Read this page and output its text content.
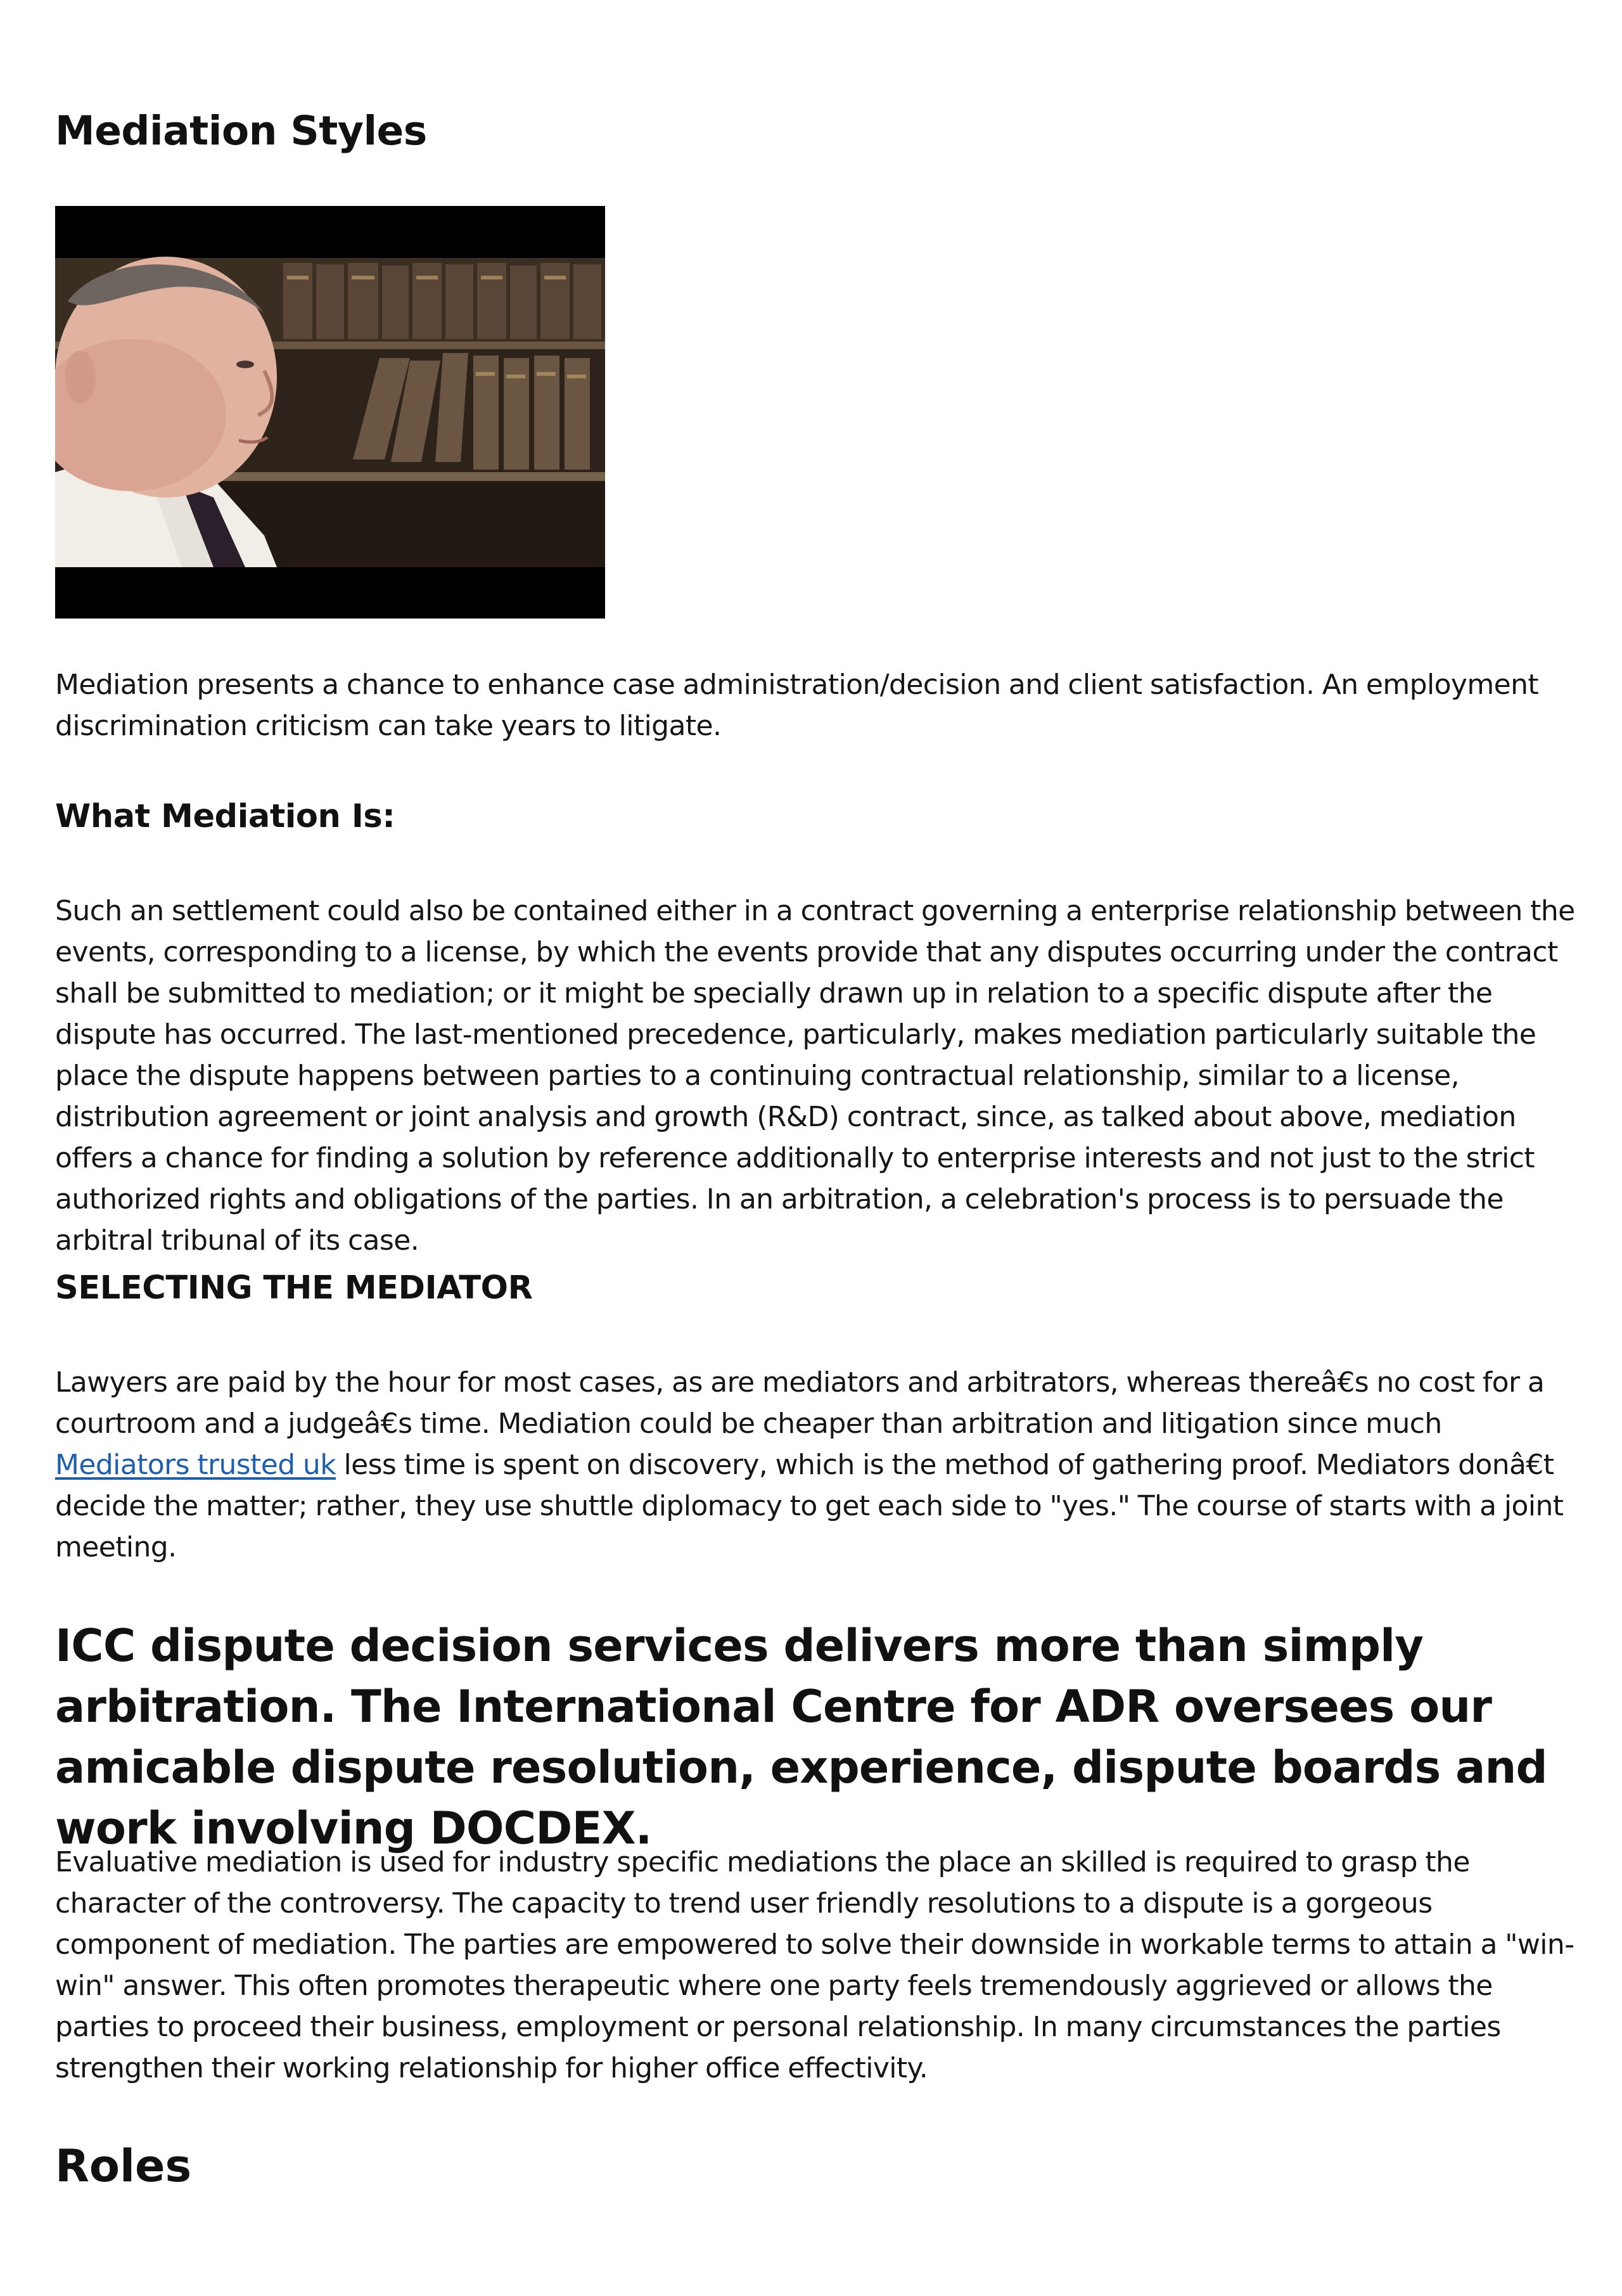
Mediation Styles

Mediation presents a chance to enhance case administration/decision and client satisfaction. An employment discrimination criticism can take years to litigate.

What Mediation Is:

Such an settlement could also be contained either in a contract governing a enterprise relationship between the events, corresponding to a license, by which the events provide that any disputes occurring under the contract shall be submitted to mediation; or it might be specially drawn up in relation to a specific dispute after the dispute has occurred. The last-mentioned precedence, particularly, makes mediation particularly suitable the place the dispute happens between parties to a continuing contractual relationship, similar to a license, distribution agreement or joint analysis and growth (R&D) contract, since, as talked about above, mediation offers a chance for finding a solution by reference additionally to enterprise interests and not just to the strict authorized rights and obligations of the parties. In an arbitration, a celebration's process is to persuade the arbitral tribunal of its case.

SELECTING THE MEDIATOR

Lawyers are paid by the hour for most cases, as are mediators and arbitrators, whereas thereâ€s no cost for a courtroom and a judgeâ€s time. Mediation could be cheaper than arbitration and litigation since much Mediators trusted uk less time is spent on discovery, which is the method of gathering proof. Mediators donâ€t decide the matter; rather, they use shuttle diplomacy to get each side to "yes." The course of starts with a joint meeting.

ICC dispute decision services delivers more than simply arbitration. The International Centre for ADR oversees our amicable dispute resolution, experience, dispute boards and work involving DOCDEX.

Evaluative mediation is used for industry specific mediations the place an skilled is required to grasp the character of the controversy. The capacity to trend user friendly resolutions to a dispute is a gorgeous component of mediation. The parties are empowered to solve their downside in workable terms to attain a "win-win" answer. This often promotes therapeutic where one party feels tremendously aggrieved or allows the parties to proceed their business, employment or personal relationship. In many circumstances the parties strengthen their working relationship for higher office effectivity.

Roles
